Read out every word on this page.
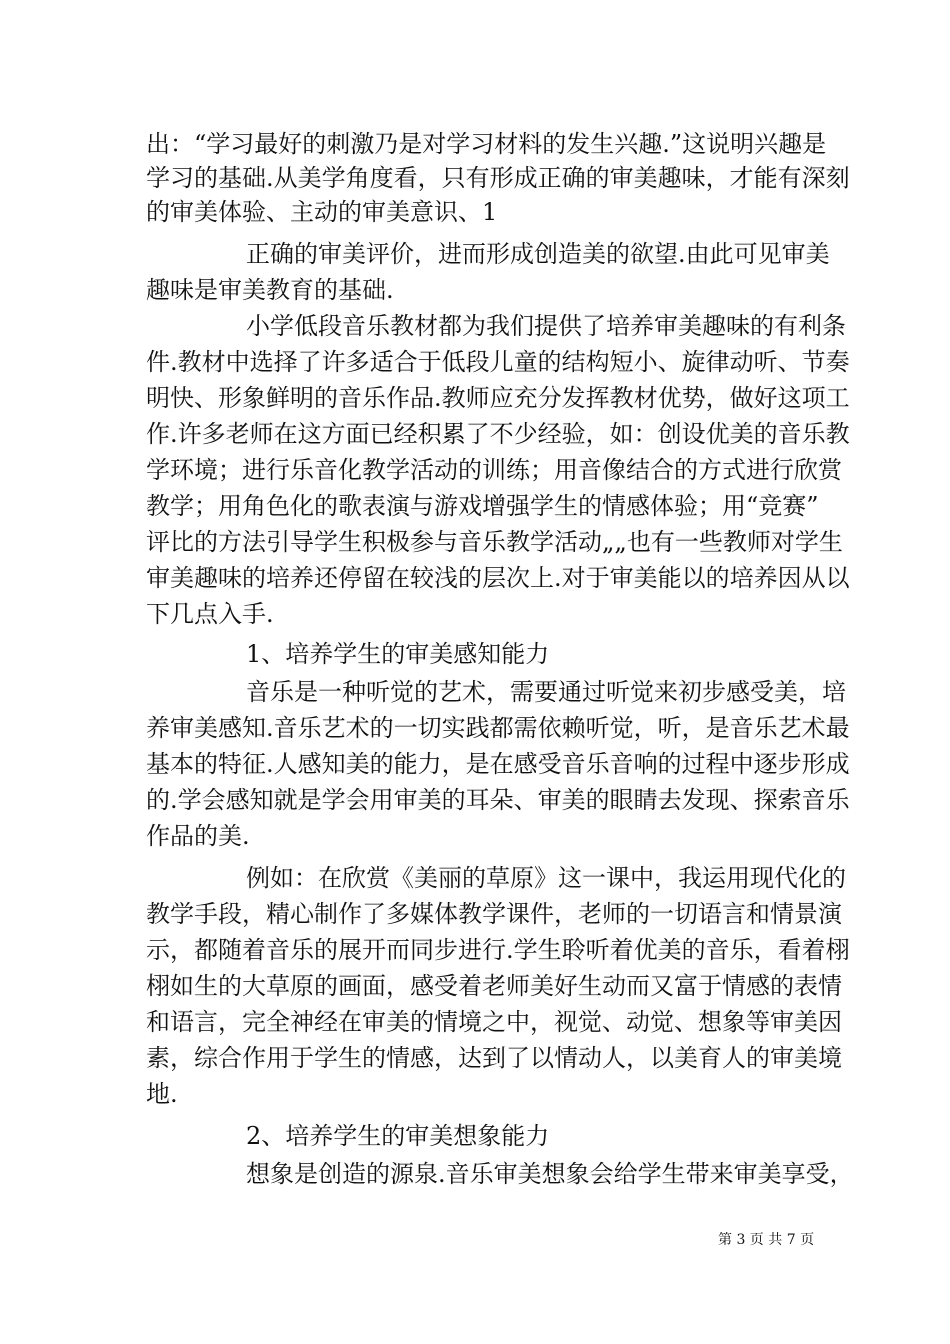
出：“学习最好的刺激乃是对学习材料的发生兴趣.”这说明兴趣是
学习的基础.从美学角度看，只有形成正确的审美趣味，才能有深刻
的审美体验、主动的审美意识、1
正确的审美评价，进而形成创造美的欲望.由此可见审美
趣味是审美教育的基础.
小学低段音乐教材都为我们提供了培养审美趣味的有利条
件.教材中选择了许多适合于低段儿童的结构短小、旋律动听、节奏
明快、形象鲜明的音乐作品.教师应充分发挥教材优势，做好这项工
作.许多老师在这方面已经积累了不少经验，如：创设优美的音乐教
学环境；进行乐音化教学活动的训练；用音像结合的方式进行欣赏
教学；用角色化的歌表演与游戏增强学生的情感体验；用“竞赛”
评比的方法引导学生积极参与音乐教学活动„„也有一些教师对学生
审美趣味的培养还停留在较浅的层次上.对于审美能以的培养因从以
下几点入手.
1、培养学生的审美感知能力
音乐是一种听觉的艺术，需要通过听觉来初步感受美，培
养审美感知.音乐艺术的一切实践都需依赖听觉，听，是音乐艺术最
基本的特征.人感知美的能力，是在感受音乐音响的过程中逐步形成
的.学会感知就是学会用审美的耳朵、审美的眼睛去发现、探索音乐
作品的美.
例如：在欣赏《美丽的草原》这一课中，我运用现代化的
教学手段，精心制作了多媒体教学课件，老师的一切语言和情景演
示，都随着音乐的展开而同步进行.学生聆听着优美的音乐，看着栩
栩如生的大草原的画面，感受着老师美好生动而又富于情感的表情
和语言，完全神经在审美的情境之中，视觉、动觉、想象等审美因
素，综合作用于学生的情感，达到了以情动人，以美育人的审美境
地.
2、培养学生的审美想象能力
想象是创造的源泉.音乐审美想象会给学生带来审美享受，
第 3 页 共 7 页
